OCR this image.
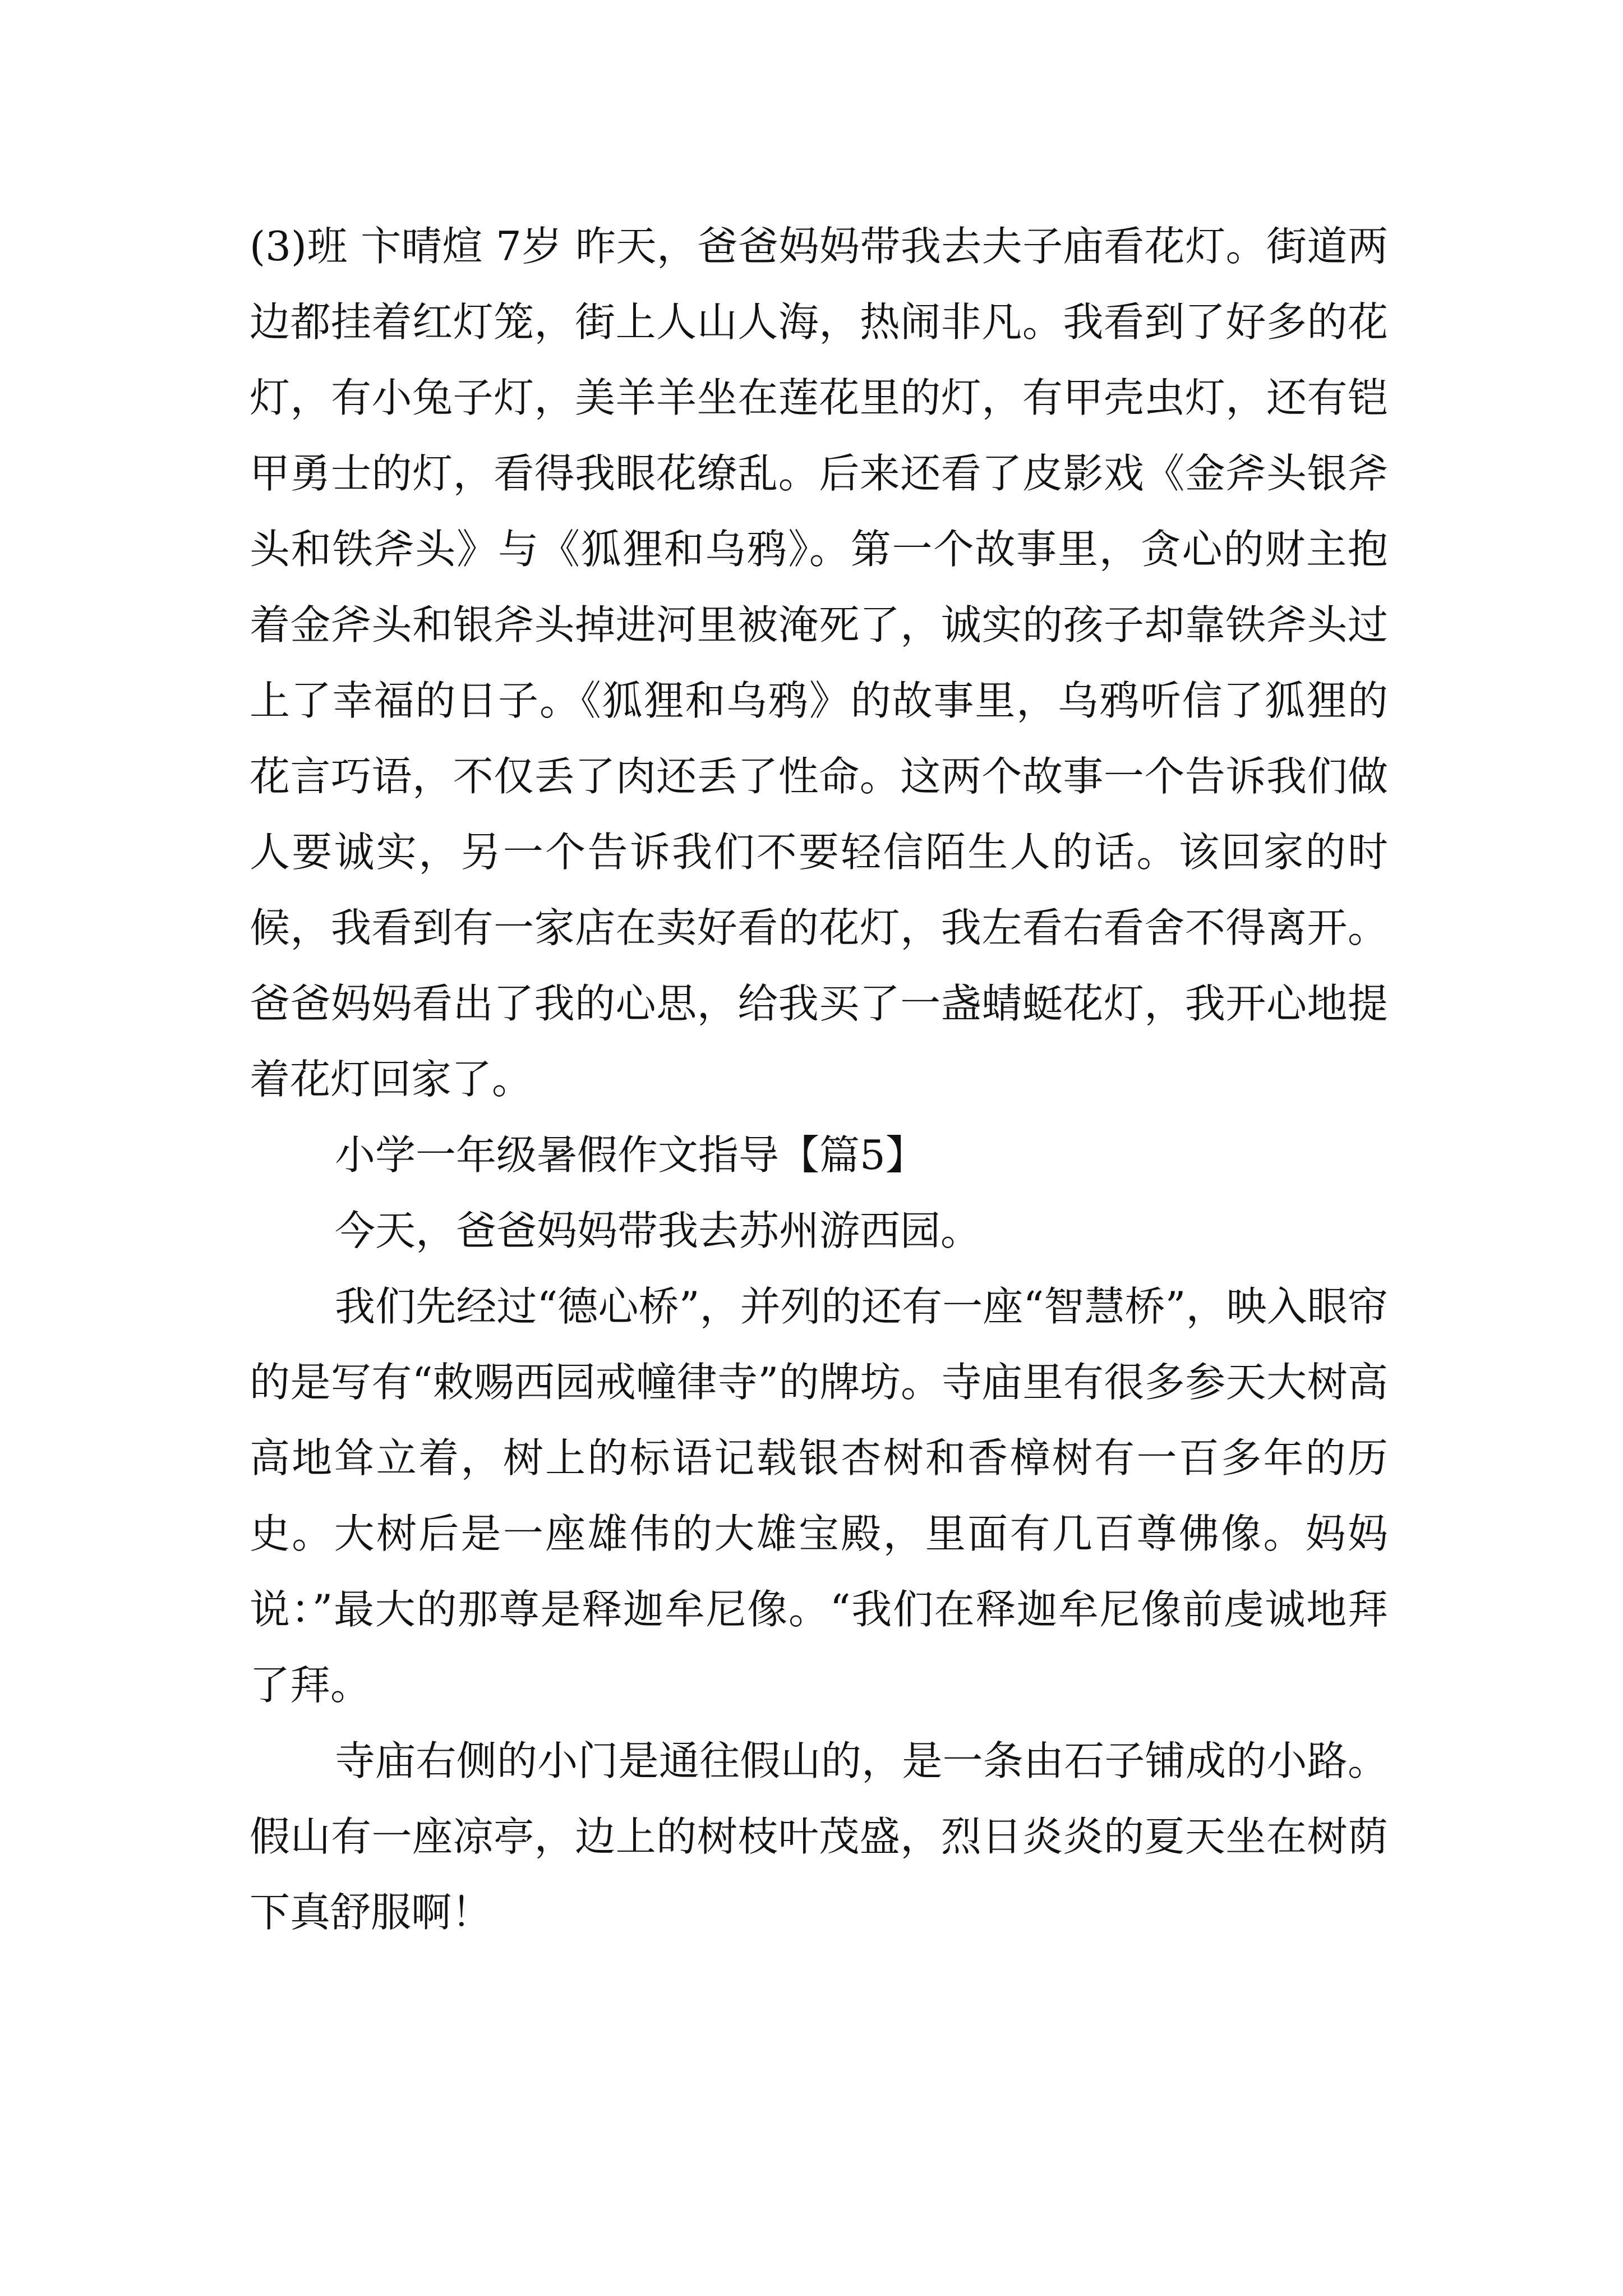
(3)班 卞晴煊 7岁 昨天，爸爸妈妈带我去夫子庙看花灯。街道两边都挂着红灯笼，街上人山人海，热闹非凡。我看到了好多的花灯，有小兔子灯，美羊羊坐在莲花里的灯，有甲壳虫灯，还有铠甲勇士的灯，看得我眼花缭乱。后来还看了皮影戏《金斧头银斧头和铁斧头》与《狐狸和乌鸦》。第一个故事里，贪心的财主抱着金斧头和银斧头掉进河里被淹死了，诚实的孩子却靠铁斧头过上了幸福的日子。《狐狸和乌鸦》的故事里，乌鸦听信了狐狸的花言巧语，不仅丢了肉还丢了性命。这两个故事一个告诉我们做人要诚实，另一个告诉我们不要轻信陌生人的话。该回家的时候，我看到有一家店在卖好看的花灯，我左看右看舍不得离开。爸爸妈妈看出了我的心思，给我买了一盏蜻蜓花灯，我开心地提着花灯回家了。

小学一年级暑假作文指导【篇5】

今天，爸爸妈妈带我去苏州游西园。

我们先经过“德心桥”，并列的还有一座“智慧桥”，映入眼帘的是写有“敕赐西园戒幢律寺”的牌坊。寺庙里有很多参天大树高高地耸立着，树上的标语记载银杏树和香樟树有一百多年的历史。大树后是一座雄伟的大雄宝殿，里面有几百尊佛像。妈妈说：”最大的那尊是释迦牟尼像。“我们在释迦牟尼像前虔诚地拜了拜。

寺庙右侧的小门是通往假山的，是一条由石子铺成的小路。假山有一座凉亭，边上的树枝叶茂盛，烈日炎炎的夏天坐在树荫下真舒服啊！
